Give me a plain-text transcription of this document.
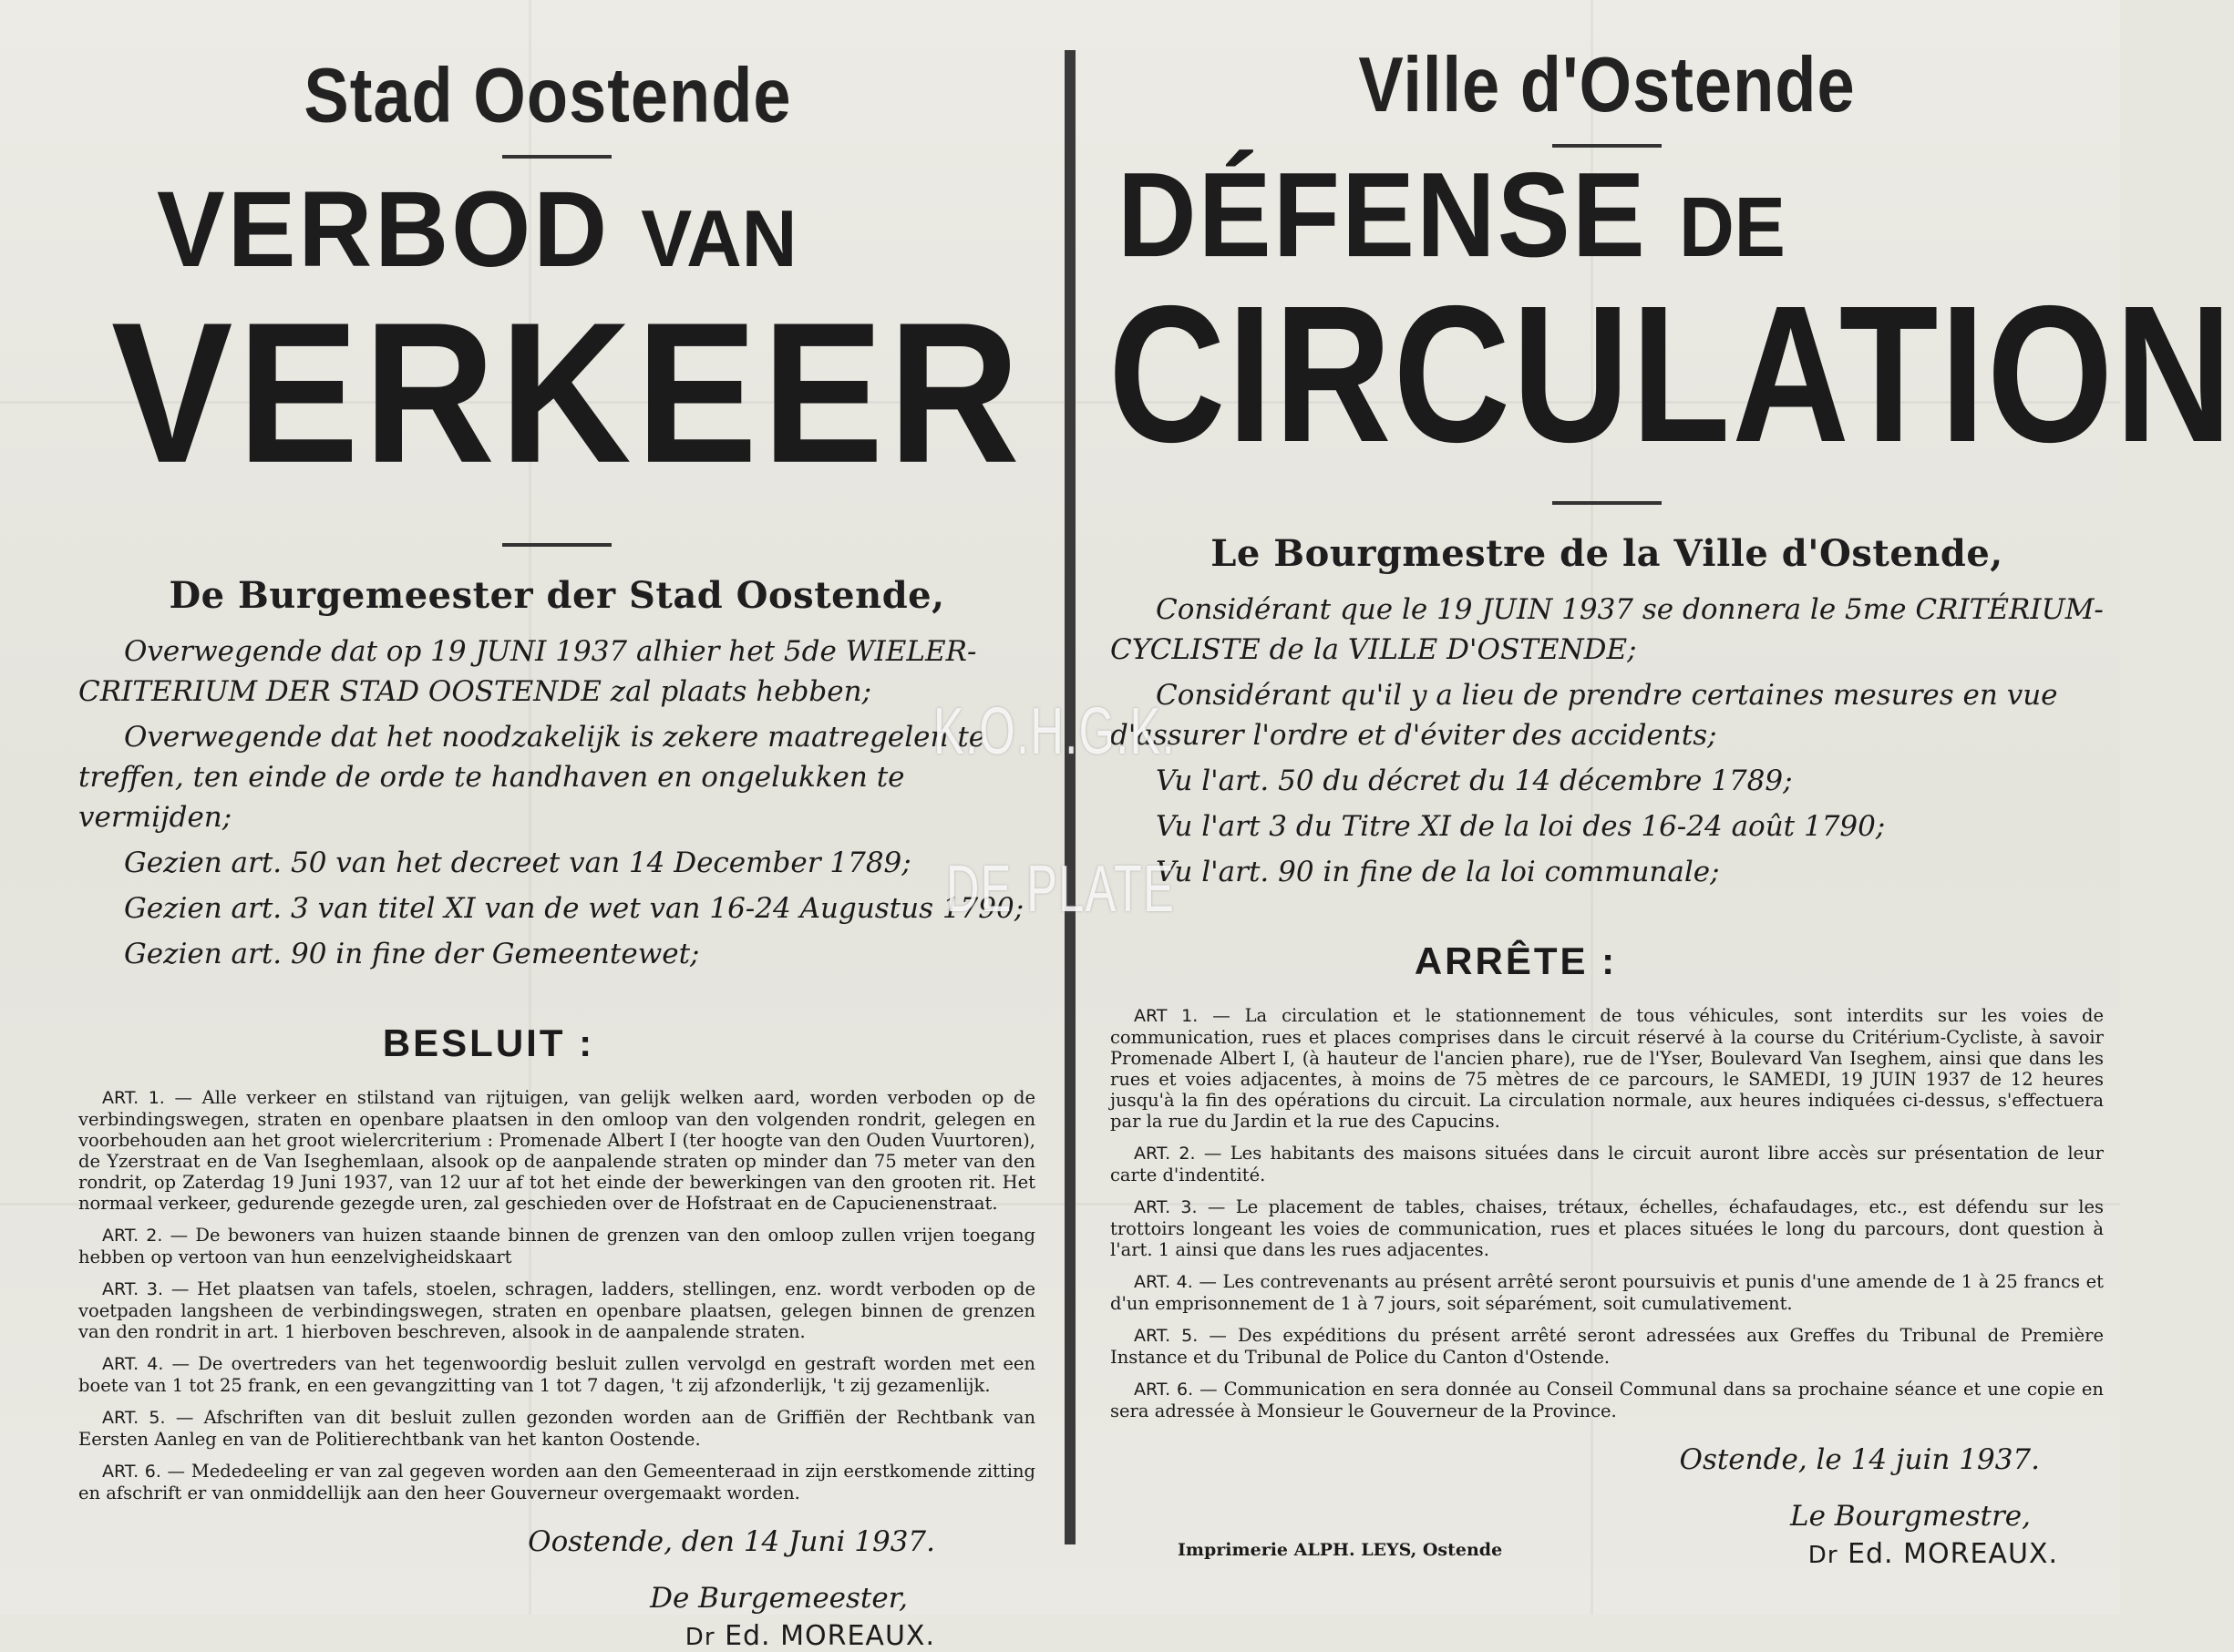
Stad Oostende
VERBOD VAN
VERKEER
De Burgemeester der Stad Oostende,

Overwegende dat op 19 JUNI 1937 alhier het 5de WIELER-CRITERIUM DER STAD OOSTENDE zal plaats hebben;

Overwegende dat het noodzakelijk is zekere maatregelen te treffen, ten einde de orde te handhaven en ongelukken te vermijden;

Gezien art. 50 van het decreet van 14 December 1789;

Gezien art. 3 van titel XI van de wet van 16-24 Augustus 1790;

Gezien art. 90 in fine der Gemeentewet;

BESLUIT :

ART. 1. — Alle verkeer en stilstand van rijtuigen, van gelijk welken aard, worden verboden op de verbindingswegen, straten en openbare plaatsen in den omloop van den volgenden rondrit, gelegen en voorbehouden aan het groot wielercriterium : Promenade Albert I (ter hoogte van den Ouden Vuurtoren), de Yzerstraat en de Van Iseghemlaan, alsook op de aanpalende straten op minder dan 75 meter van den rondrit, op Zaterdag 19 Juni 1937, van 12 uur af tot het einde der bewerkingen van den grooten rit. Het normaal verkeer, gedurende gezegde uren, zal geschieden over de Hofstraat en de Capucienenstraat.

ART. 2. — De bewoners van huizen staande binnen de grenzen van den omloop zullen vrijen toegang hebben op vertoon van hun eenzelvigheidskaart

ART. 3. — Het plaatsen van tafels, stoelen, schragen, ladders, stellingen, enz. wordt verboden op de voetpaden langsheen de verbindingswegen, straten en openbare plaatsen, gelegen binnen de grenzen van den rondrit in art. 1 hierboven beschreven, alsook in de aanpalende straten.

ART. 4. — De overtreders van het tegenwoordig besluit zullen vervolgd en gestraft worden met een boete van 1 tot 25 frank, en een gevangzitting van 1 tot 7 dagen, 't zij afzonderlijk, 't zij gezamenlijk.

ART. 5. — Afschriften van dit besluit zullen gezonden worden aan de Griffiën der Rechtbank van Eersten Aanleg en van de Politierechtbank van het kanton Oostende.

ART. 6. — Mededeeling er van zal gegeven worden aan den Gemeenteraad in zijn eerstkomende zitting en afschrift er van onmiddellijk aan den heer Gouverneur overgemaakt worden.

Oostende, den 14 Juni 1937.
De Burgemeester,
Dr Ed. MOREAUX.
Ville d'Ostende
DÉFENSE DE
CIRCULATION
Le Bourgmestre de la Ville d'Ostende,

Considérant que le 19 JUIN 1937 se donnera le 5me CRITÉRIUM-CYCLISTE de la VILLE D'OSTENDE;

Considérant qu'il y a lieu de prendre certaines mesures en vue d'assurer l'ordre et d'éviter des accidents;

Vu l'art. 50 du décret du 14 décembre 1789;

Vu l'art 3 du Titre XI de la loi des 16-24 août 1790;

Vu l'art. 90 in fine de la loi communale;

ARRÊTE :

ART 1. — La circulation et le stationnement de tous véhicules, sont interdits sur les voies de communication, rues et places comprises dans le circuit réservé à la course du Critérium-Cycliste, à savoir Promenade Albert I, (à hauteur de l'ancien phare), rue de l'Yser, Boulevard Van Iseghem, ainsi que dans les rues et voies adjacentes, à moins de 75 mètres de ce parcours, le SAMEDI, 19 JUIN 1937 de 12 heures jusqu'à la fin des opérations du circuit. La circulation normale, aux heures indiquées ci-dessus, s'effectuera par la rue du Jardin et la rue des Capucins.

ART. 2. — Les habitants des maisons situées dans le circuit auront libre accès sur présentation de leur carte d'indentité.

ART. 3. — Le placement de tables, chaises, trétaux, échelles, échafaudages, etc., est défendu sur les trottoirs longeant les voies de communication, rues et places situées le long du parcours, dont question à l'art. 1 ainsi que dans les rues adjacentes.

ART. 4. — Les contrevenants au présent arrêté seront poursuivis et punis d'une amende de 1 à 25 francs et d'un emprisonnement de 1 à 7 jours, soit séparément, soit cumulativement.

ART. 5. — Des expéditions du présent arrêté seront adressées aux Greffes du Tribunal de Première Instance et du Tribunal de Police du Canton d'Ostende.

ART. 6. — Communication en sera donnée au Conseil Communal dans sa prochaine séance et une copie en sera adressée à Monsieur le Gouverneur de la Province.

Ostende, le 14 juin 1937.
Le Bourgmestre,
Dr Ed. MOREAUX.
Imprimerie ALPH. LEYS, Ostende
K.O.H.G.K.
DE PLATE
